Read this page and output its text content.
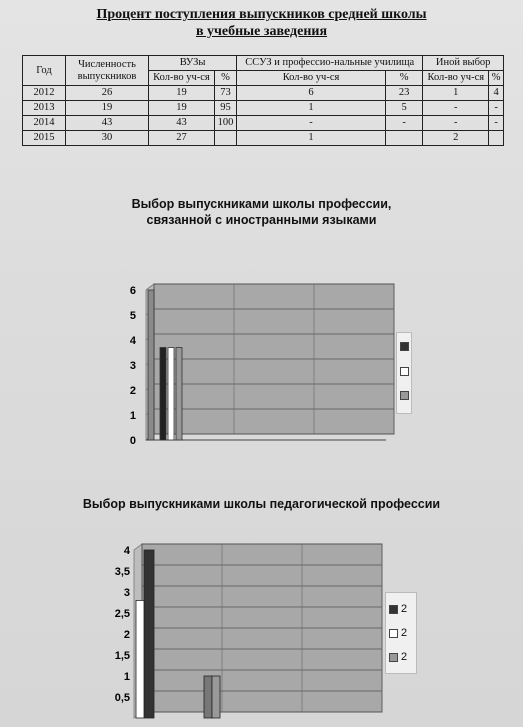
Процент поступления выпускников средней школы
в учебные заведения
Год	Численность выпускников	ВУЗы		ССУЗ и профессио-нальные училища		Иной выбор	
		Кол-во уч-ся	%	Кол-во уч-ся	%	Кол-во уч-ся	%
2012	26	19	73	6	23	1	4
2013	19	19	95	1	5	-	-
2014	43	43	100	-	-	-	-
2015	30	27		1		2	
Выбор выпускниками школы профессии,
связанной с иностранными языками
0
1
2
3
4
5
6
Выбор выпускниками школы педагогической профессии
0,5
1
1,5
2
2,5
3
3,5
4
2
2
2
